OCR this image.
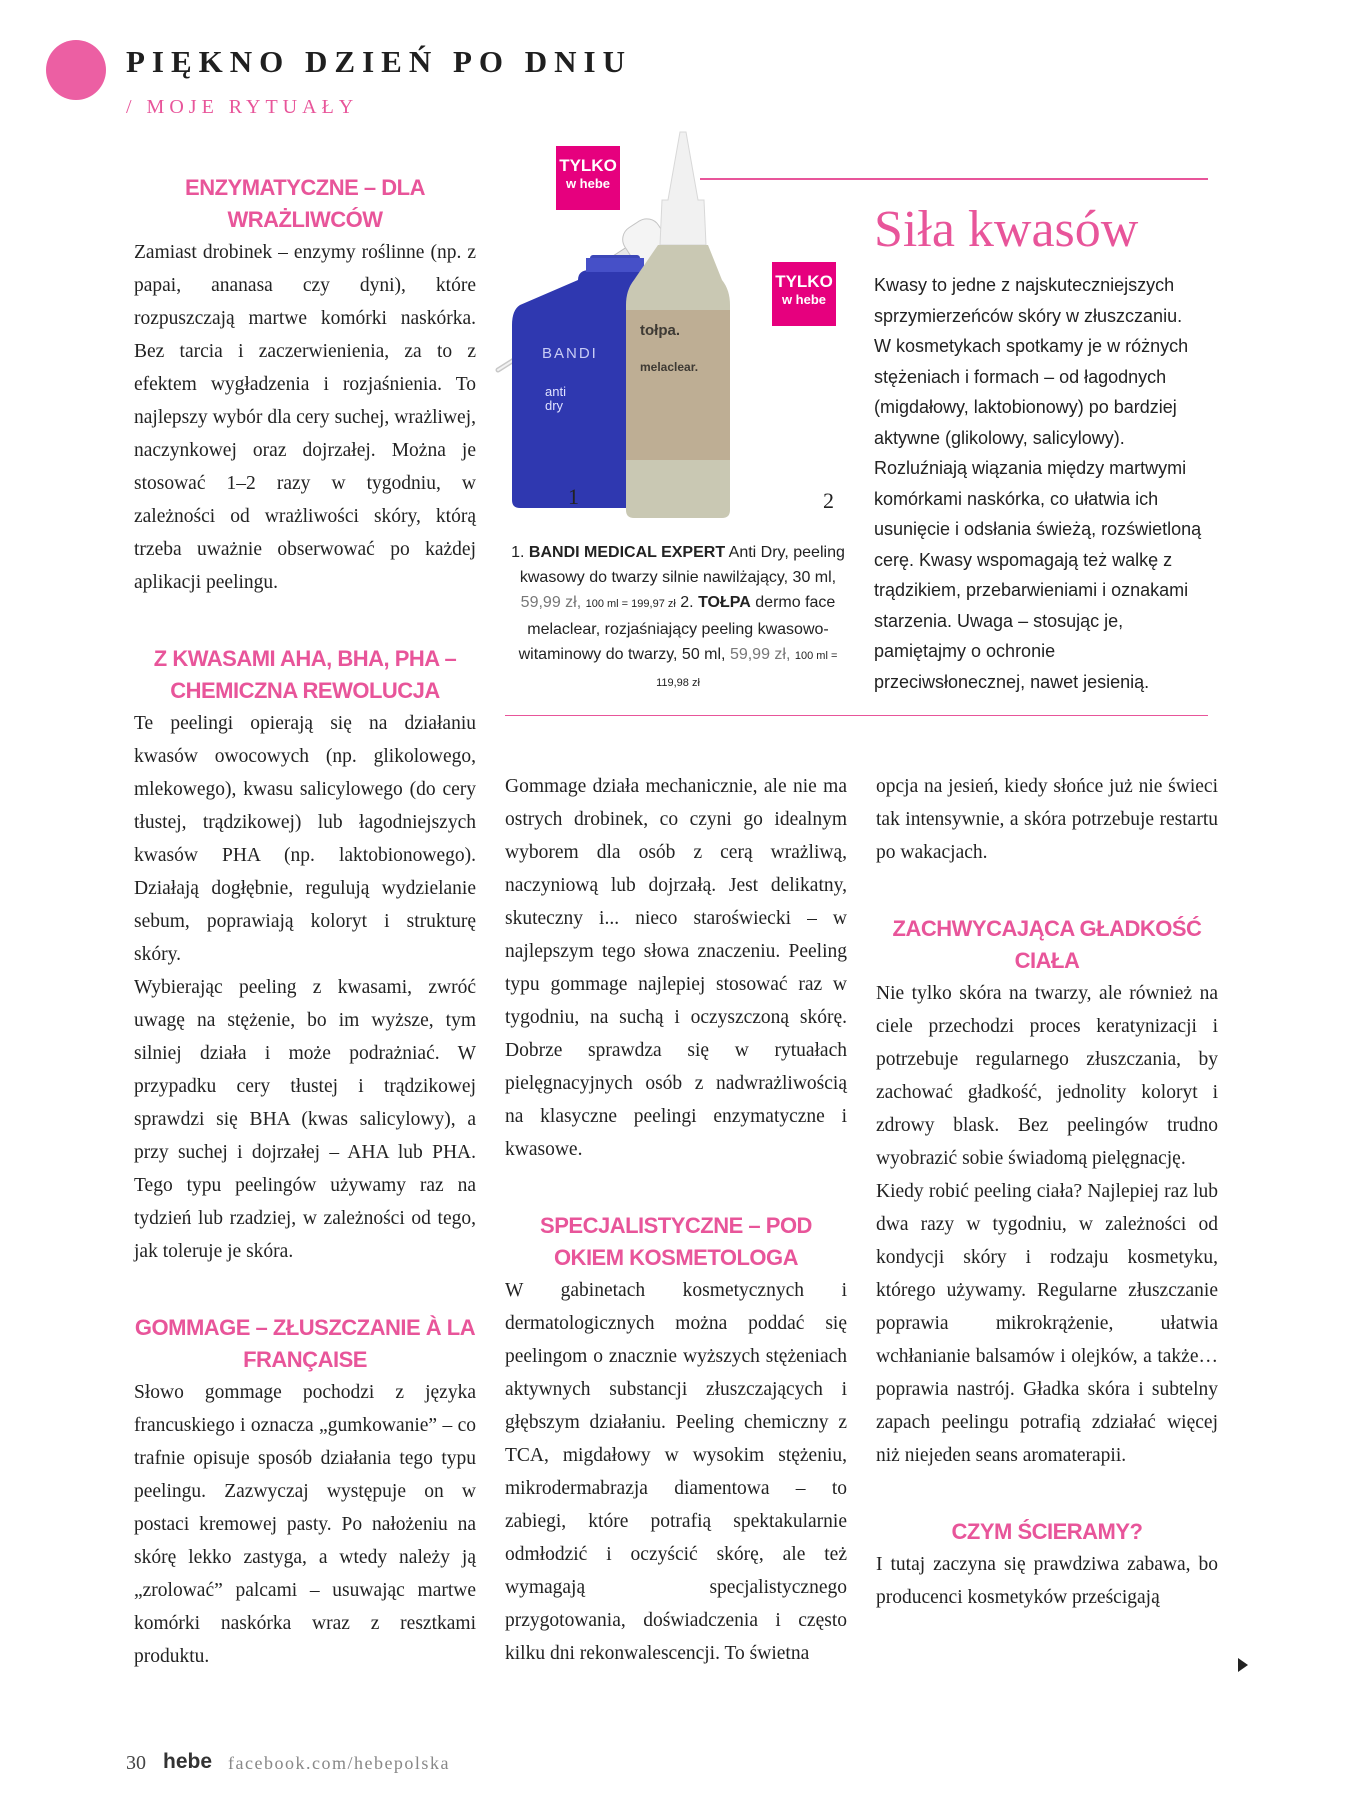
PIĘKNO DZIEŃ PO DNIU
/ MOJE RYTUAŁY
ENZYMATYCZNE – DLA WRAŻLIWCÓW

Zamiast drobinek – enzymy roślinne (np. z papai, ananasa czy dyni), które rozpuszczają martwe komórki naskórka. Bez tarcia i zaczerwienienia, za to z efektem wygładzenia i rozjaśnienia. To najlepszy wybór dla cery suchej, wrażliwej, naczynkowej oraz dojrzałej. Można je stosować 1–2 razy w tygodniu, w zależności od wrażliwości skóry, którą trzeba uważnie obserwować po każdej aplikacji peelingu.

Z KWASAMI AHA, BHA, PHA – CHEMICZNA REWOLUCJA

Te peelingi opierają się na działaniu kwasów owocowych (np. glikolowego, mlekowego), kwasu salicylowego (do cery tłustej, trądzikowej) lub łagodniejszych kwasów PHA (np. laktobionowego). Działają dogłębnie, regulują wydzielanie sebum, poprawiają koloryt i strukturę skóry.

Wybierając peeling z kwasami, zwróć uwagę na stężenie, bo im wyższe, tym silniej działa i może podrażniać. W przypadku cery tłustej i trądzikowej sprawdzi się BHA (kwas salicylowy), a przy suchej i dojrzałej – AHA lub PHA. Tego typu peelingów używamy raz na tydzień lub rzadziej, w zależności od tego, jak toleruje je skóra.

GOMMAGE – ZŁUSZCZANIE À LA FRANÇAISE

Słowo gommage pochodzi z języka francuskiego i oznacza „gumkowanie” – co trafnie opisuje sposób działania tego typu peelingu. Zazwyczaj występuje on w postaci kremowej pasty. Po nałożeniu na skórę lekko zastyga, a wtedy należy ją „zrolować” palcami – usuwając martwe komórki naskórka wraz z resztkami produktu.

BANDI
anti dry
tołpa.
melaclear.
TYLKO
w hebe
TYLKO
w hebe
1	2

1. BANDI MEDICAL EXPERT Anti Dry, peeling kwasowy do twarzy silnie nawilżający, 30 ml, 59,99 zł, 100 ml = 199,97 zł 2. TOŁPA dermo face melaclear, rozjaśniający peeling kwasowo-witaminowy do twarzy, 50 ml, 59,99 zł, 100 ml = 119,98 zł

Siła kwasów

Kwasy to jedne z najskuteczniejszych sprzymierzeńców skóry w złuszczaniu. W kosmetykach spotkamy je w różnych stężeniach i formach – od łagodnych (migdałowy, laktobionowy) po bardziej aktywne (glikolowy, salicylowy). Rozluźniają wiązania między martwymi komórkami naskórka, co ułatwia ich usunięcie i odsłania świeżą, rozświetloną cerę. Kwasy wspomagają też walkę z trądzikiem, przebarwieniami i oznakami starzenia. Uwaga – stosując je, pamiętajmy o ochronie przeciwsłonecznej, nawet jesienią.

Gommage działa mechanicznie, ale nie ma ostrych drobinek, co czyni go idealnym wyborem dla osób z cerą wrażliwą, naczyniową lub dojrzałą. Jest delikatny, skuteczny i... nieco staroświecki – w najlepszym tego słowa znaczeniu. Peeling typu gommage najlepiej stosować raz w tygodniu, na suchą i oczyszczoną skórę. Dobrze sprawdza się w rytuałach pielęgnacyjnych osób z nadwrażliwością na klasyczne peelingi enzymatyczne i kwasowe.

SPECJALISTYCZNE – POD OKIEM KOSMETOLOGA

W gabinetach kosmetycznych i dermatologicznych można poddać się peelingom o znacznie wyższych stężeniach aktywnych substancji złuszczających i głębszym działaniu. Peeling chemiczny z TCA, migdałowy w wysokim stężeniu, mikrodermabrazja diamentowa – to zabiegi, które potrafią spektakularnie odmłodzić i oczyścić skórę, ale też wymagają specjalistycznego przygotowania, doświadczenia i często kilku dni rekonwalescencji. To świetna

opcja na jesień, kiedy słońce już nie świeci tak intensywnie, a skóra potrzebuje restartu po wakacjach.

ZACHWYCAJĄCA GŁADKOŚĆ CIAŁA

Nie tylko skóra na twarzy, ale również na ciele przechodzi proces keratynizacji i potrzebuje regularnego złuszczania, by zachować gładkość, jednolity koloryt i zdrowy blask. Bez peelingów trudno wyobrazić sobie świadomą pielęgnację.

Kiedy robić peeling ciała? Najlepiej raz lub dwa razy w tygodniu, w zależności od kondycji skóry i rodzaju kosmetyku, którego używamy. Regularne złuszczanie poprawia mikrokrążenie, ułatwia wchłanianie balsamów i olejków, a także… poprawia nastrój. Gładka skóra i subtelny zapach peelingu potrafią zdziałać więcej niż niejeden seans aromaterapii.

CZYM ŚCIERAMY?

I tutaj zaczyna się prawdziwa zabawa, bo producenci kosmetyków prześcigają

30 hebe facebook.com/hebepolska
